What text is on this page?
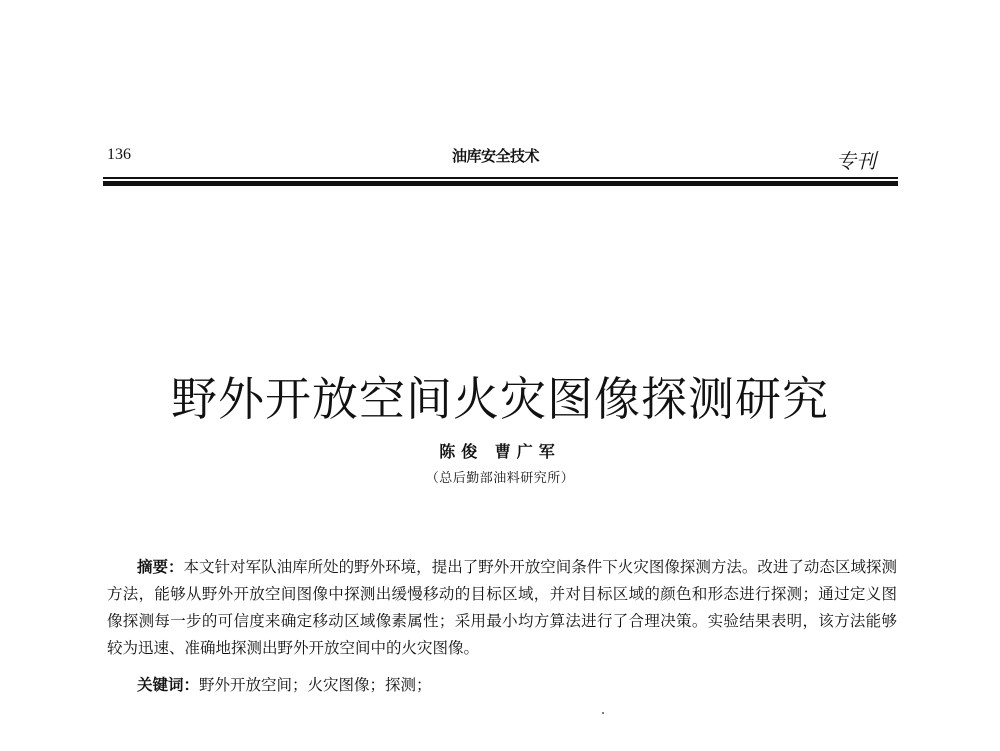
136	油库安全技术	专刊
野外开放空间火灾图像探测研究
陈俊 曹广军
（总后勤部油料研究所）

摘要：本文针对军队油库所处的野外环境，提出了野外开放空间条件下火灾图像探测方法。改进了动态区域探测方法，能够从野外开放空间图像中探测出缓慢移动的目标区域，并对目标区域的颜色和形态进行探测；通过定义图像探测每一步的可信度来确定移动区域像素属性；采用最小均方算法进行了合理决策。实验结果表明，该方法能够较为迅速、准确地探测出野外开放空间中的火灾图像。

关键词：野外开放空间；火灾图像；探测；
